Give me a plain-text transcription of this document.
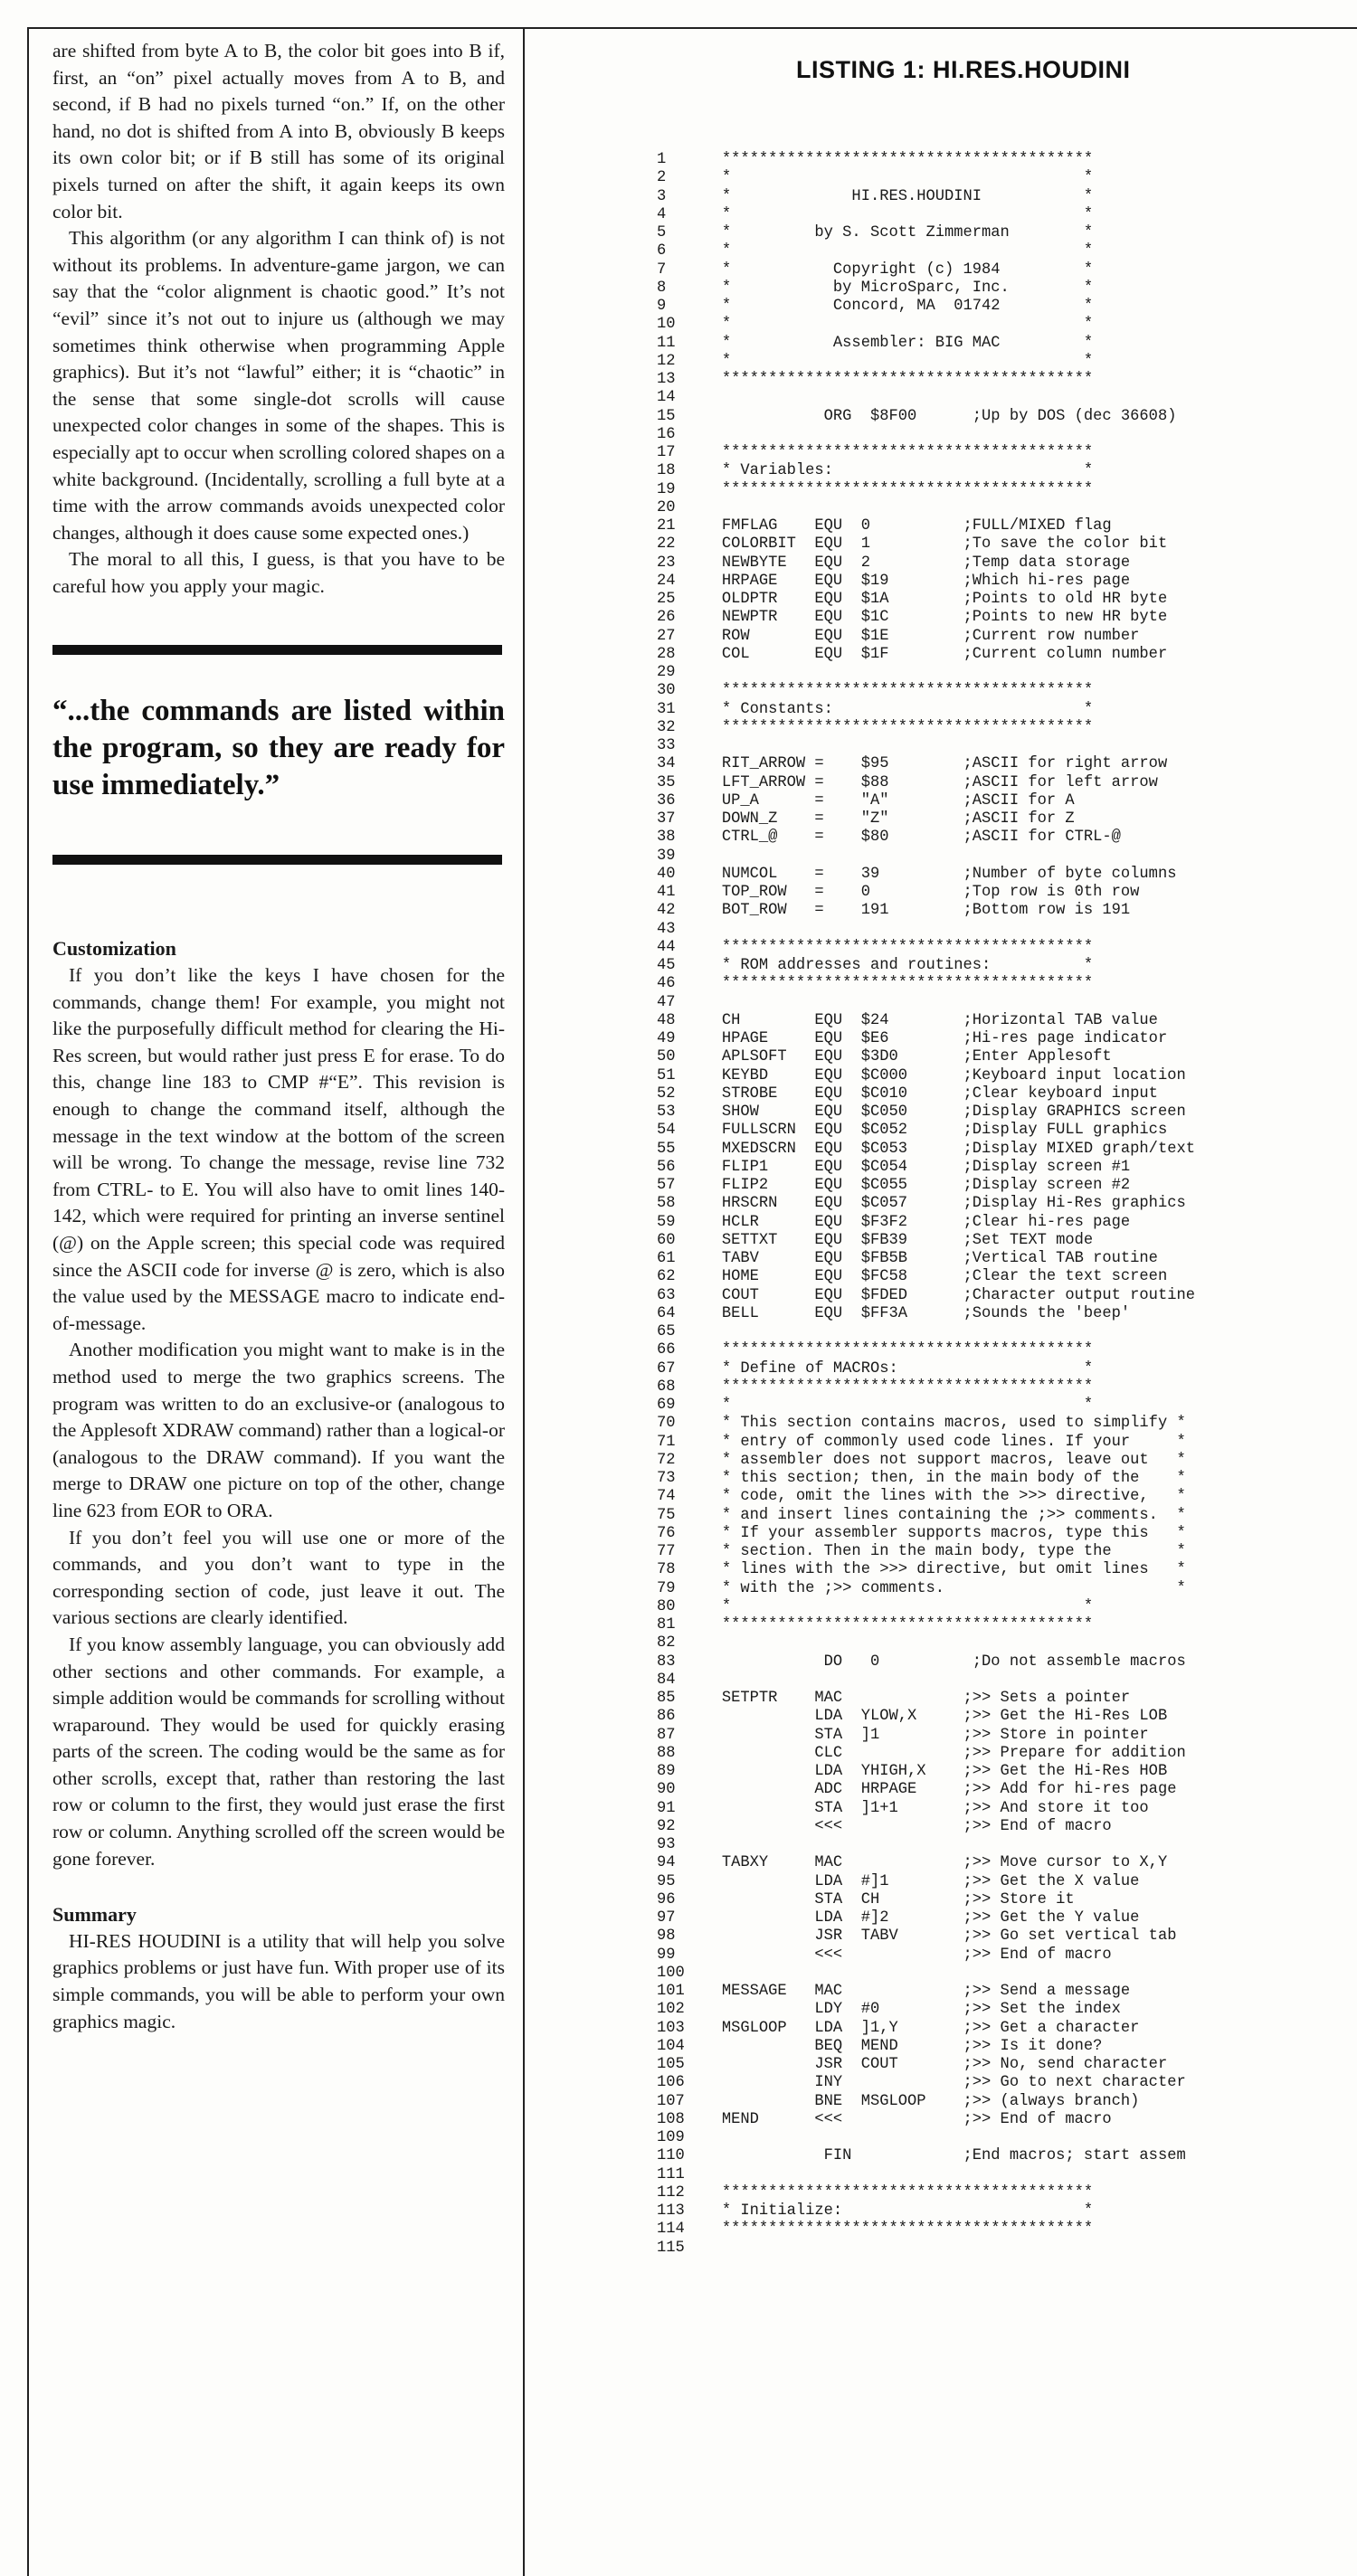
are shifted from byte A to B, the color bit goes into B if, first, an “on” pixel actually moves from A to B, and second, if B had no pixels turned “on.” If, on the other hand, no dot is shifted from A into B, obviously B keeps its own color bit; or if B still has some of its original pixels turned on after the shift, it again keeps its own color bit.

This algorithm (or any algorithm I can think of) is not without its problems. In adventure-game jargon, we can say that the “color alignment is chaotic good.” It’s not “evil” since it’s not out to injure us (although we may sometimes think otherwise when programming Apple graphics). But it’s not “lawful” either; it is “chaotic” in the sense that some single-dot scrolls will cause unexpected color changes in some of the shapes. This is especially apt to occur when scrolling colored shapes on a white background. (Incidentally, scrolling a full byte at a time with the arrow commands avoids unexpected color changes, although it does cause some expected ones.)

The moral to all this, I guess, is that you have to be careful how you apply your magic.

“...the commands are listed within the program, so they are ready for use immediately.”

Customization

If you don’t like the keys I have chosen for the commands, change them! For example, you might not like the purposefully difficult method for clearing the Hi-Res screen, but would rather just press E for erase. To do this, change line 183 to CMP #“E”. This revision is enough to change the command itself, although the message in the text window at the bottom of the screen will be wrong. To change the message, revise line 732 from CTRL- to E. You will also have to omit lines 140-142, which were required for printing an inverse sentinel (@) on the Apple screen; this special code was required since the ASCII code for inverse @ is zero, which is also the value used by the MESSAGE macro to indicate end-of-message.

Another modification you might want to make is in the method used to merge the two graphics screens. The program was written to do an exclusive-or (analogous to the Applesoft XDRAW command) rather than a logical-or (analogous to the DRAW command). If you want the merge to DRAW one picture on top of the other, change line 623 from EOR to ORA.

If you don’t feel you will use one or more of the commands, and you don’t want to type in the corresponding section of code, just leave it out. The various sections are clearly identified.

If you know assembly language, you can obviously add other sections and other commands. For example, a simple addition would be commands for scrolling without wraparound. They would be used for quickly erasing parts of the screen. The coding would be the same as for other scrolls, except that, rather than restoring the last row or column to the first, they would just erase the first row or column. Anything scrolled off the screen would be gone forever.

Summary

HI-RES HOUDINI is a utility that will help you solve graphics problems or just have fun. With proper use of its simple commands, you will be able to perform your own graphics magic.

LISTING 1: HI.RES.HOUDINI
1      ****************************************
2      *                                      *
3      *             HI.RES.HOUDINI           *
4      *                                      *
5      *         by S. Scott Zimmerman        *
6      *                                      *
7      *           Copyright (c) 1984         *
8      *           by MicroSparc, Inc.        *
9      *           Concord, MA  01742         *
10     *                                      *
11     *           Assembler: BIG MAC         *
12     *                                      *
13     ****************************************
14
15                ORG  $8F00      ;Up by DOS (dec 36608)
16
17     ****************************************
18     * Variables:                           *
19     ****************************************
20
21     FMFLAG    EQU  0          ;FULL/MIXED flag
22     COLORBIT  EQU  1          ;To save the color bit
23     NEWBYTE   EQU  2          ;Temp data storage
24     HRPAGE    EQU  $19        ;Which hi-res page
25     OLDPTR    EQU  $1A        ;Points to old HR byte
26     NEWPTR    EQU  $1C        ;Points to new HR byte
27     ROW       EQU  $1E        ;Current row number
28     COL       EQU  $1F        ;Current column number
29
30     ****************************************
31     * Constants:                           *
32     ****************************************
33
34     RIT_ARROW =    $95        ;ASCII for right arrow
35     LFT_ARROW =    $88        ;ASCII for left arrow
36     UP_A      =    "A"        ;ASCII for A
37     DOWN_Z    =    "Z"        ;ASCII for Z
38     CTRL_@    =    $80        ;ASCII for CTRL-@
39
40     NUMCOL    =    39         ;Number of byte columns
41     TOP_ROW   =    0          ;Top row is 0th row
42     BOT_ROW   =    191        ;Bottom row is 191
43
44     ****************************************
45     * ROM addresses and routines:          *
46     ****************************************
47
48     CH        EQU  $24        ;Horizontal TAB value
49     HPAGE     EQU  $E6        ;Hi-res page indicator
50     APLSOFT   EQU  $3D0       ;Enter Applesoft
51     KEYBD     EQU  $C000      ;Keyboard input location
52     STROBE    EQU  $C010      ;Clear keyboard input
53     SHOW      EQU  $C050      ;Display GRAPHICS screen
54     FULLSCRN  EQU  $C052      ;Display FULL graphics
55     MXEDSCRN  EQU  $C053      ;Display MIXED graph/text
56     FLIP1     EQU  $C054      ;Display screen #1
57     FLIP2     EQU  $C055      ;Display screen #2
58     HRSCRN    EQU  $C057      ;Display Hi-Res graphics
59     HCLR      EQU  $F3F2      ;Clear hi-res page
60     SETTXT    EQU  $FB39      ;Set TEXT mode
61     TABV      EQU  $FB5B      ;Vertical TAB routine
62     HOME      EQU  $FC58      ;Clear the text screen
63     COUT      EQU  $FDED      ;Character output routine
64     BELL      EQU  $FF3A      ;Sounds the 'beep'
65
66     ****************************************
67     * Define of MACROs:                    *
68     ****************************************
69     *                                      *
70     * This section contains macros, used to simplify *
71     * entry of commonly used code lines. If your     *
72     * assembler does not support macros, leave out   *
73     * this section; then, in the main body of the    *
74     * code, omit the lines with the >>> directive,   *
75     * and insert lines containing the ;>> comments.  *
76     * If your assembler supports macros, type this   *
77     * section. Then in the main body, type the       *
78     * lines with the >>> directive, but omit lines   *
79     * with the ;>> comments.                         *
80     *                                      *
81     ****************************************
82
83                DO   0          ;Do not assemble macros
84
85     SETPTR    MAC             ;>> Sets a pointer
86               LDA  YLOW,X     ;>> Get the Hi-Res LOB
87               STA  ]1         ;>> Store in pointer
88               CLC             ;>> Prepare for addition
89               LDA  YHIGH,X    ;>> Get the Hi-Res HOB
90               ADC  HRPAGE     ;>> Add for hi-res page
91               STA  ]1+1       ;>> And store it too
92               <<<             ;>> End of macro
93
94     TABXY     MAC             ;>> Move cursor to X,Y
95               LDA  #]1        ;>> Get the X value
96               STA  CH         ;>> Store it
97               LDA  #]2        ;>> Get the Y value
98               JSR  TABV       ;>> Go set vertical tab
99               <<<             ;>> End of macro
100
101    MESSAGE   MAC             ;>> Send a message
102              LDY  #0         ;>> Set the index
103    MSGLOOP   LDA  ]1,Y       ;>> Get a character
104              BEQ  MEND       ;>> Is it done?
105              JSR  COUT       ;>> No, send character
106              INY             ;>> Go to next character
107              BNE  MSGLOOP    ;>> (always branch)
108    MEND      <<<             ;>> End of macro
109
110               FIN            ;End macros; start assem
111
112    ****************************************
113    * Initialize:                          *
114    ****************************************
115
